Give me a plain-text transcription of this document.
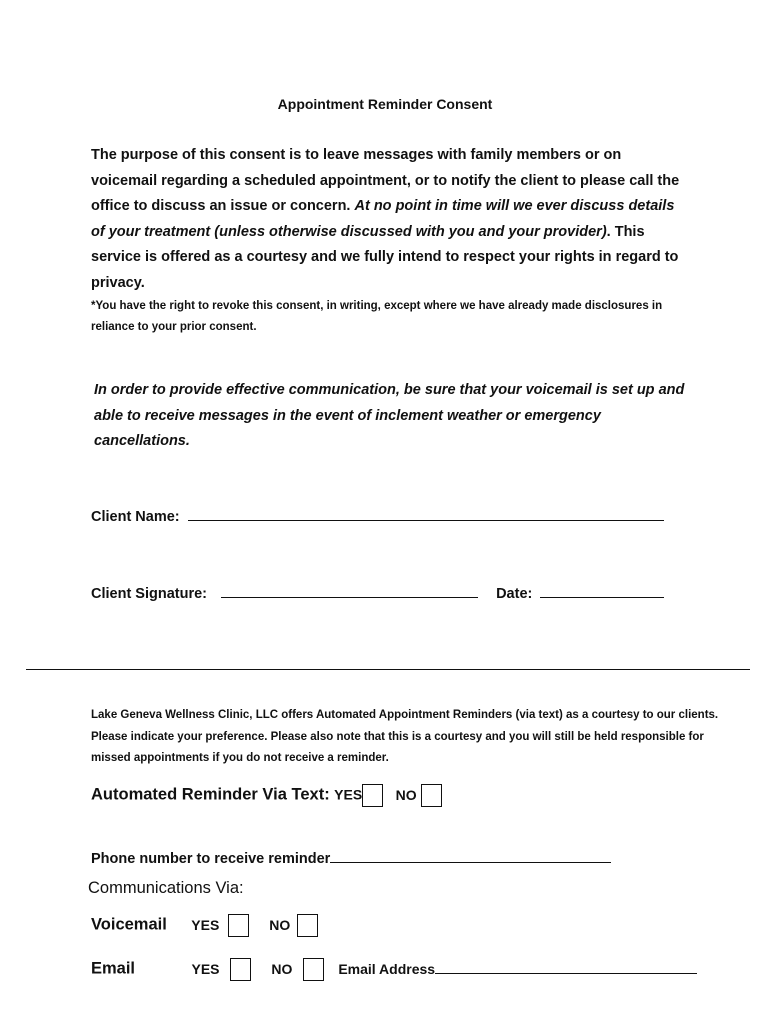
Appointment Reminder Consent
The purpose of this consent is to leave messages with family members or on voicemail regarding a scheduled appointment, or to notify the client to please call the office to discuss an issue or concern. At no point in time will we ever discuss details of your treatment (unless otherwise discussed with you and your provider). This service is offered as a courtesy and we fully intend to respect your rights in regard to privacy.
*You have the right to revoke this consent, in writing, except where we have already made disclosures in reliance to your prior consent.
In order to provide effective communication, be sure that your voicemail is set up and able to receive messages in the event of inclement weather or emergency cancellations.
Client Name:
Client Signature:	Date:
Lake Geneva Wellness Clinic, LLC offers Automated Appointment Reminders (via text) as a courtesy to our clients. Please indicate your preference. Please also note that this is a courtesy and you will still be held responsible for missed appointments if you do not receive a reminder.
Automated Reminder Via Text: YES NO
Phone number to receive reminder
Communications Via:
Voicemail YES	NO
Email	YES	NO	Email Address
